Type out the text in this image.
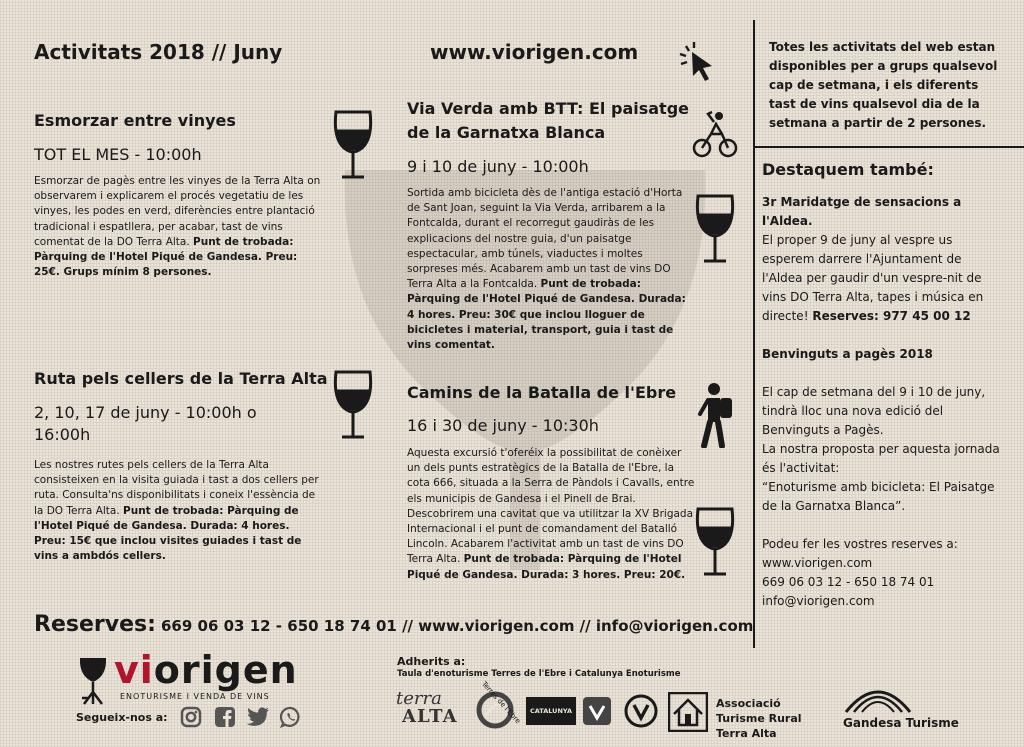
Activitats 2018 // Juny	www.viorigen.com
Esmorzar entre vinyes
TOT EL MES - 10:00h
Esmorzar de pagès entre les vinyes de la Terra Alta on observarem i explicarem el procés vegetatiu de les vinyes, les podes en verd, diferències entre plantació tradicional i espatllera, per acabar, tast de vins comentat de la DO Terra Alta. Punt de trobada: Pàrquing de l'Hotel Piqué de Gandesa. Preu: 25€. Grups mínim 8 persones.
Ruta pels cellers de la Terra Alta
2, 10, 17 de juny - 10:00h o 16:00h
Les nostres rutes pels cellers de la Terra Alta consisteixen en la visita guiada i tast a dos cellers per ruta. Consulta'ns disponibilitats i coneix l'essència de la DO Terra Alta. Punt de trobada: Pàrquing de l'Hotel Piqué de Gandesa. Durada: 4 hores. Preu: 15€ que inclou visites guiades i tast de vins a ambdós cellers.
Via Verda amb BTT: El paisatge de la Garnatxa Blanca
9 i 10 de juny - 10:00h
Sortida amb bicicleta dès de l'antiga estació d'Horta de Sant Joan, seguint la Via Verda, arribarem a la Fontcalda, durant el recorregut gaudiràs de les explicacions del nostre guia, d'un paisatge espectacular, amb túnels, viaductes i moltes sorpreses més. Acabarem amb un tast de vins DO Terra Alta a la Fontcalda. Punt de trobada: Pàrquing de l'Hotel Piqué de Gandesa. Durada: 4 hores. Preu: 30€ que inclou lloguer de bicicletes i material, transport, guia i tast de vins comentat.
Camins de la Batalla de l'Ebre
16 i 30 de juny - 10:30h
Aquesta excursió t'oferéix la possibilitat de conèixer un dels punts estratègics de la Batalla de l'Ebre, la cota 666, situada a la Serra de Pàndols i Cavalls, entre els municipis de Gandesa i el Pinell de Brai. Descobrirem una cavitat que va utilitzar la XV Brigada Internacional i el punt de comandament del Batalló Lincoln. Acabarem l'activitat amb un tast de vins DO Terra Alta. Punt de trobada: Pàrquing de l'Hotel Piqué de Gandesa. Durada: 3 hores. Preu: 20€.
Totes les activitats del web estan disponibles per a grups qualsevol cap de setmana, i els diferents tast de vins qualsevol dia de la setmana a partir de 2 persones.
Destaquem també:
3r Maridatge de sensacions a l'Aldea.
El proper 9 de juny al vespre us esperem darrere l'Ajuntament de l'Aldea per gaudir d'un vespre-nit de vins DO Terra Alta, tapes i música en directe! Reserves: 977 45 00 12
Benvinguts a pagès 2018
El cap de setmana del 9 i 10 de juny, tindrà lloc una nova edició del Benvinguts a Pagès.
La nostra proposta per aquesta jornada és l'activitat:
“Enoturisme amb bicicleta: El Paisatge de la Garnatxa Blanca”.
Podeu fer les vostres reserves a:
www.viorigen.com
669 06 03 12 - 650 18 74 01
info@viorigen.com
Reserves: 669 06 03 12 - 650 18 74 01 // www.viorigen.com // info@viorigen.com
viorigen
ENOTURISME I VENDA DE VINS
Segueix-nos a:
Adherits a:
Taula d'enoturisme Terres de l'Ebre i Catalunya Enoturisme
terra
ALTA	Terres de l'Ebre	CATALUNYA
Associació Turisme Rural Terra Alta
Gandesa Turisme
